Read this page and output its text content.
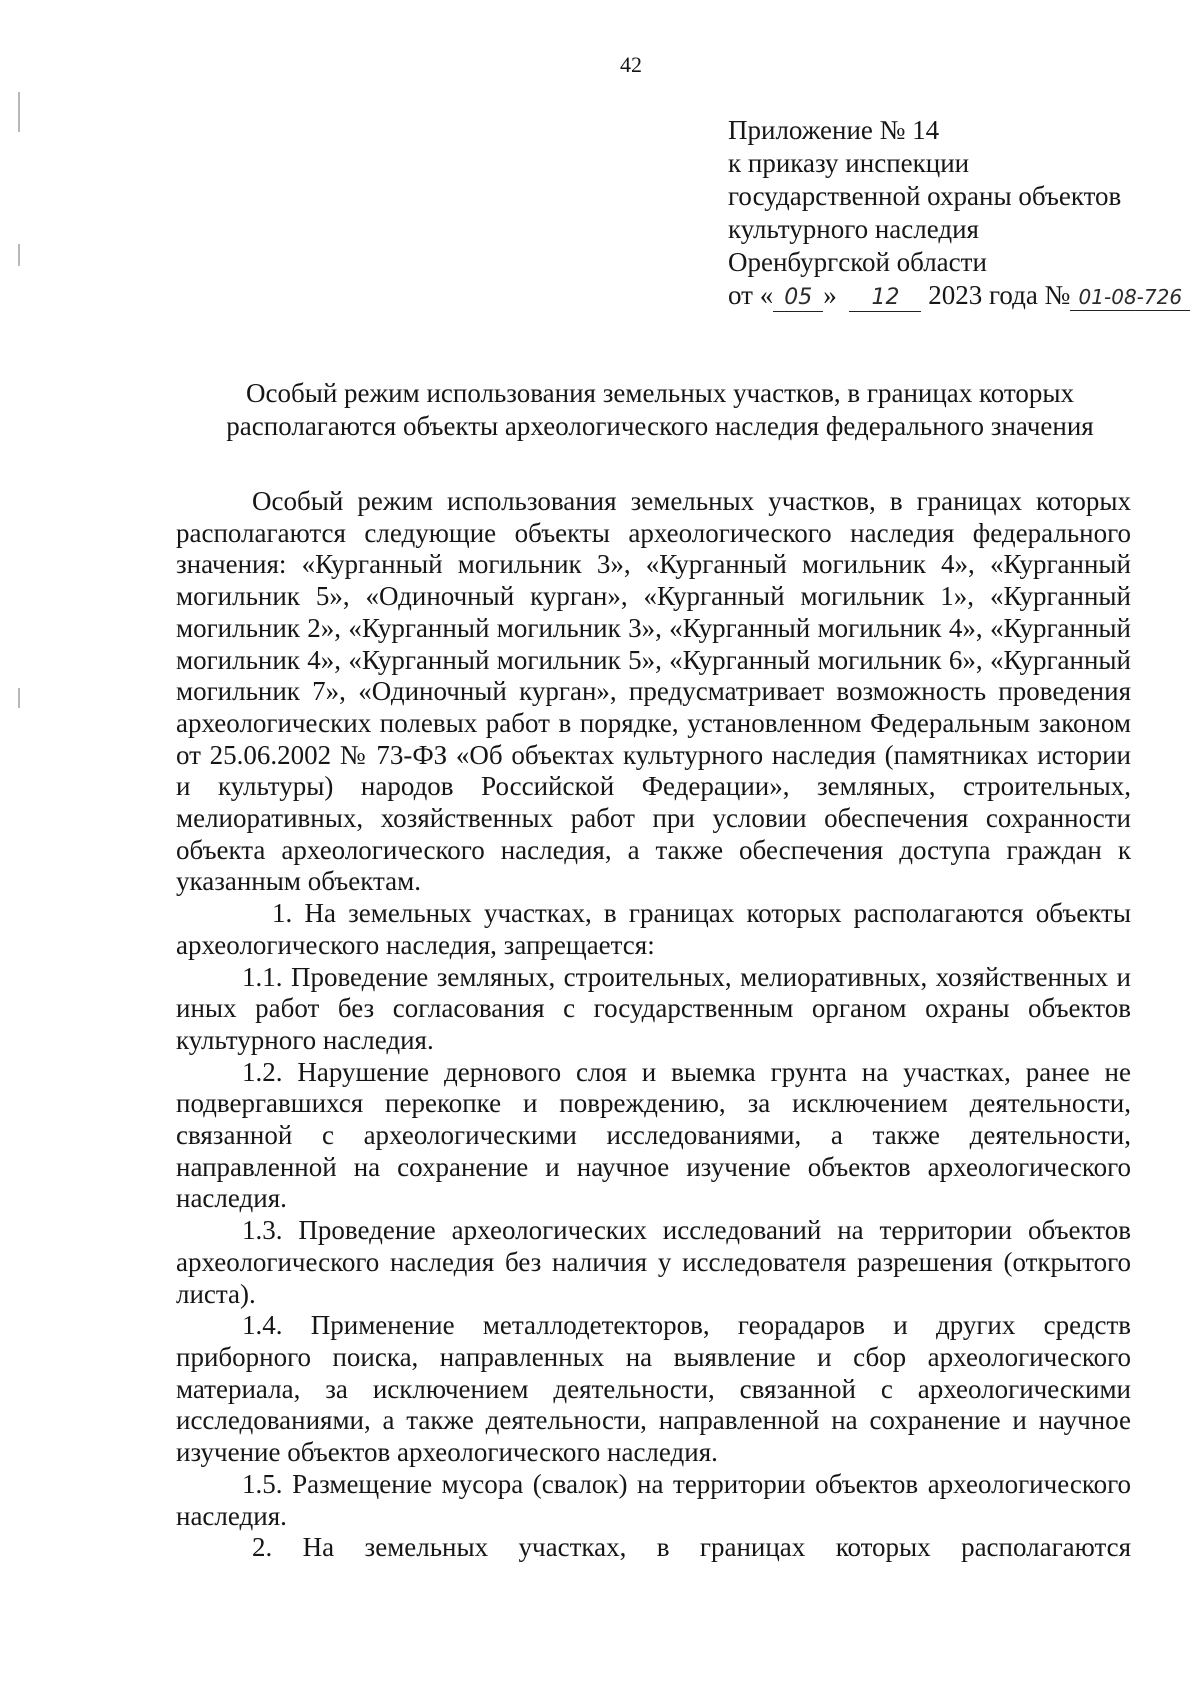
42
Приложение № 14
к приказу инспекции
государственной охраны объектов
культурного наследия
Оренбургской области
от « 05 » 12 2023 года № 01-08-726
Особый режим использования земельных участков, в границах которых располагаются объекты археологического наследия федерального значения

Особый режим использования земельных участков, в границах которых располагаются следующие объекты археологического наследия федерального значения: «Курганный могильник 3», «Курганный могильник 4», «Курганный могильник 5», «Одиночный курган», «Курганный могильник 1», «Курганный могильник 2», «Курганный могильник 3», «Курганный могильник 4», «Курганный могильник 4», «Курганный могильник 5», «Курганный могильник 6», «Курганный могильник 7», «Одиночный курган», предусматривает возможность проведения археологических полевых работ в порядке, установленном Федеральным законом от 25.06.2002 № 73-ФЗ «Об объектах культурного наследия (памятниках истории и культуры) народов Российской Федерации», земляных, строительных, мелиоративных, хозяйственных работ при условии обеспечения сохранности объекта археологического наследия, а также обеспечения доступа граждан к указанным объектам.

1. На земельных участках, в границах которых располагаются объекты археологического наследия, запрещается:

1.1. Проведение земляных, строительных, мелиоративных, хозяйственных и иных работ без согласования с государственным органом охраны объектов культурного наследия.

1.2. Нарушение дернового слоя и выемка грунта на участках, ранее не подвергавшихся перекопке и повреждению, за исключением деятельности, связанной с археологическими исследованиями, а также деятельности, направленной на сохранение и научное изучение объектов археологического наследия.

1.3. Проведение археологических исследований на территории объектов археологического наследия без наличия у исследователя разрешения (открытого листа).

1.4. Применение металлодетекторов, георадаров и других средств приборного поиска, направленных на выявление и сбор археологического материала, за исключением деятельности, связанной с археологическими исследованиями, а также деятельности, направленной на сохранение и научное изучение объектов археологического наследия.

1.5. Размещение мусора (свалок) на территории объектов археологического наследия.

2. На земельных участках, в границах которых располагаются
